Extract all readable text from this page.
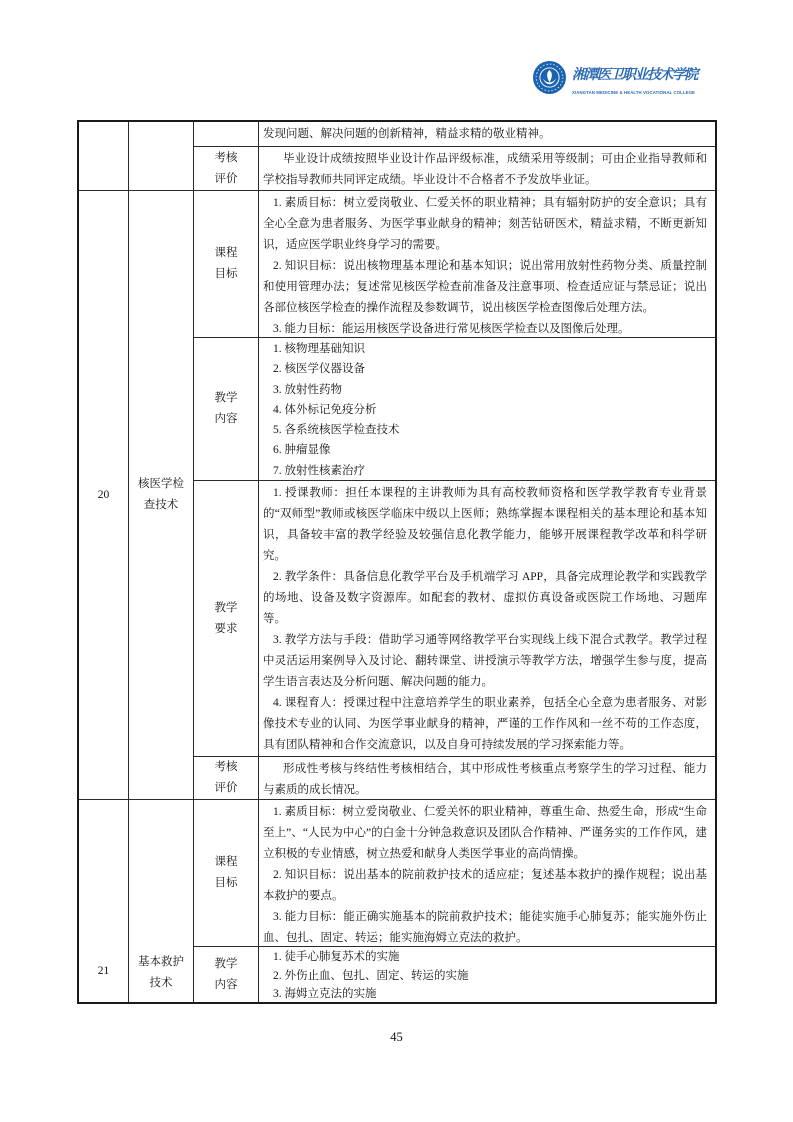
湘潭医卫职业技术学院
XIANGTAN MEDICINE & HEALTH VOCATIONAL COLLEGE

发现问题、解决问题的创新精神，精益求精的敬业精神。

考核评价

毕业设计成绩按照毕业设计作品评级标准，成绩采用等级制；可由企业指导教师和学校指导教师共同评定成绩。毕业设计不合格者不予发放毕业证。

20
核医学检查技术
课程目标

1. 素质目标：树立爱岗敬业、仁爱关怀的职业精神；具有辐射防护的安全意识；具有全心全意为患者服务、为医学事业献身的精神；刻苦钻研医术，精益求精，不断更新知识，适应医学职业终身学习的需要。

2. 知识目标：说出核物理基本理论和基本知识；说出常用放射性药物分类、质量控制和使用管理办法；复述常见核医学检查前准备及注意事项、检查适应证与禁忌证；说出各部位核医学检查的操作流程及参数调节，说出核医学检查图像后处理方法。

3. 能力目标：能运用核医学设备进行常见核医学检查以及图像后处理。

教学内容

1. 核物理基础知识

2. 核医学仪器设备

3. 放射性药物

4. 体外标记免疫分析

5. 各系统核医学检查技术

6. 肿瘤显像

7. 放射性核素治疗

教学要求

1. 授课教师：担任本课程的主讲教师为具有高校教师资格和医学教学教育专业背景的“双师型”教师或核医学临床中级以上医师；熟练掌握本课程相关的基本理论和基本知识，具备较丰富的教学经验及较强信息化教学能力，能够开展课程教学改革和科学研究。

2. 教学条件：具备信息化教学平台及手机端学习 APP，具备完成理论教学和实践教学的场地、设备及数字资源库。如配套的教材、虚拟仿真设备或医院工作场地、习题库等。

3. 教学方法与手段：借助学习通等网络教学平台实现线上线下混合式教学。教学过程中灵活运用案例导入及讨论、翻转课堂、讲授演示等教学方法，增强学生参与度，提高学生语言表达及分析问题、解决问题的能力。

4. 课程育人：授课过程中注意培养学生的职业素养，包括全心全意为患者服务、对影像技术专业的认同、为医学事业献身的精神，严谨的工作作风和一丝不苟的工作态度，具有团队精神和合作交流意识，以及自身可持续发展的学习探索能力等。

考核评价

形成性考核与终结性考核相结合，其中形成性考核重点考察学生的学习过程、能力与素质的成长情况。

21
基本救护技术
课程目标

1. 素质目标：树立爱岗敬业、仁爱关怀的职业精神，尊重生命、热爱生命，形成“生命至上”、“人民为中心”的白金十分钟急救意识及团队合作精神、严谨务实的工作作风，建立积极的专业情感，树立热爱和献身人类医学事业的高尚情操。

2. 知识目标：说出基本的院前救护技术的适应症；复述基本救护的操作规程；说出基本救护的要点。

3. 能力目标：能正确实施基本的院前救护技术；能徒实施手心肺复苏；能实施外伤止血、包扎、固定、转运；能实施海姆立克法的救护。

教学内容

1. 徒手心肺复苏术的实施

2. 外伤止血、包扎、固定、转运的实施

3. 海姆立克法的实施

45
